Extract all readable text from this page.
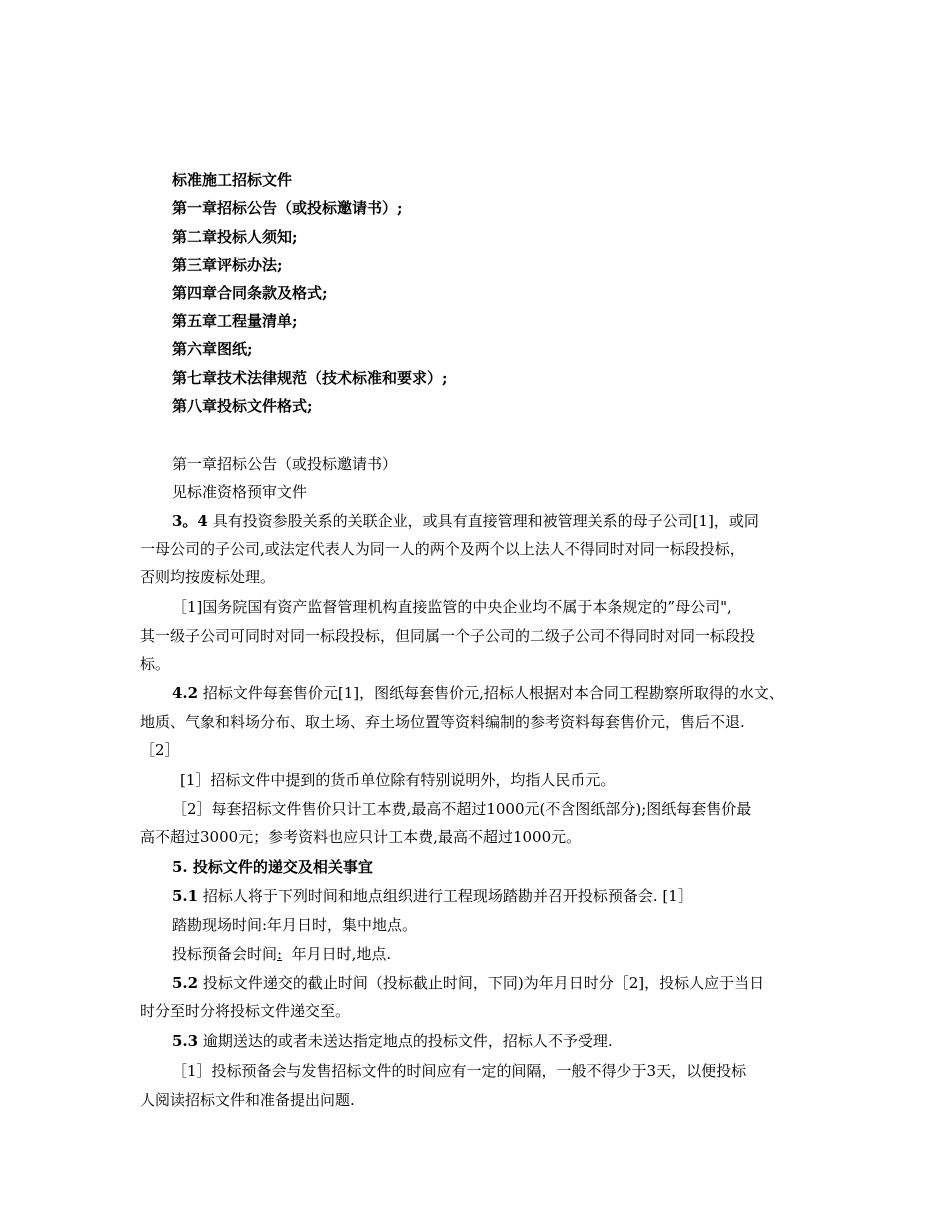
标准施工招标文件
第一章招标公告（或投标邀请书）;
第二章投标人须知;
第三章评标办法;
第四章合同条款及格式;
第五章工程量清单;
第六章图纸;
第七章技术法律规范（技术标准和要求）;
第八章投标文件格式;
第一章招标公告（或投标邀请书）
见标准资格预审文件
3。4 具有投资参股关系的关联企业，或具有直接管理和被管理关系的母子公司[1]，或同
一母公司的子公司,或法定代表人为同一人的两个及两个以上法人不得同时对同一标段投标，
否则均按废标处理。
［1]国务院国有资产监督管理机构直接监管的中央企业均不属于本条规定的”母公司",
其一级子公司可同时对同一标段投标，但同属一个子公司的二级子公司不得同时对同一标段投
标。
4.2 招标文件每套售价元[1]，图纸每套售价元,招标人根据对本合同工程勘察所取得的水文、
地质、气象和料场分布、取土场、弃土场位置等资料编制的参考资料每套售价元，售后不退.
［2］
[1］招标文件中提到的货币单位除有特别说明外，均指人民币元。
［2］每套招标文件售价只计工本费,最高不超过1000元(不含图纸部分);图纸每套售价最
高不超过3000元；参考资料也应只计工本费,最高不超过1000元。
5. 投标文件的递交及相关事宜
5.1 招标人将于下列时间和地点组织进行工程现场踏勘并召开投标预备会. [1］
踏勘现场时间:年月日时，集中地点。
投标预备会时间:  年月日时,地点.
5.2 投标文件递交的截止时间（投标截止时间，下同)为年月日时分［2]，投标人应于当日
时分至时分将投标文件递交至。
5.3 逾期送达的或者未送达指定地点的投标文件，招标人不予受理.
［1］投标预备会与发售招标文件的时间应有一定的间隔，一般不得少于3天，以便投标
人阅读招标文件和准备提出问题.
